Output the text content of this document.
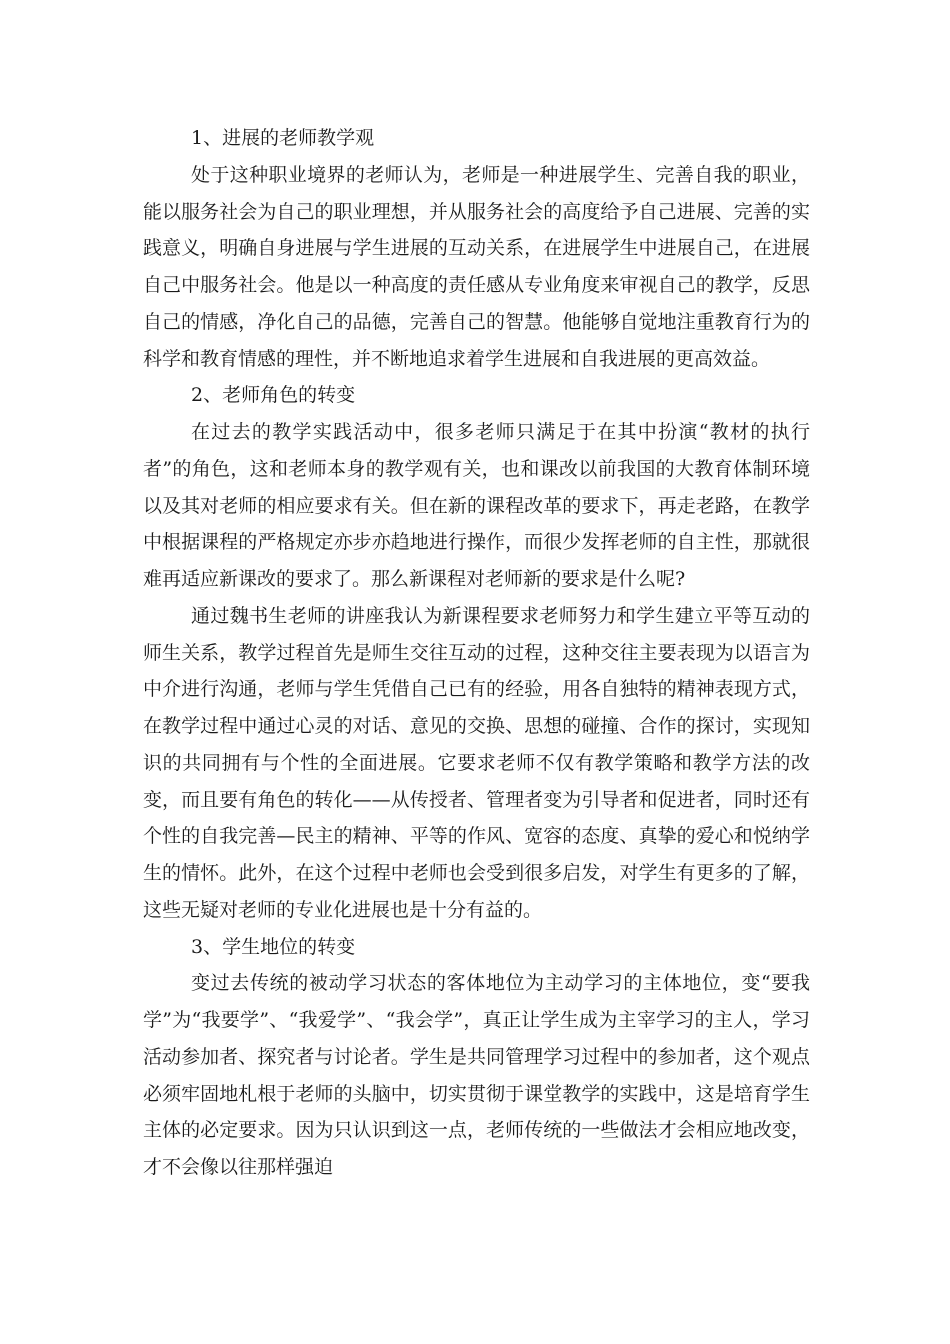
1、进展的老师教学观

处于这种职业境界的老师认为，老师是一种进展学生、完善自我的职业，能以服务社会为自己的职业理想，并从服务社会的高度给予自己进展、完善的实践意义，明确自身进展与学生进展的互动关系，在进展学生中进展自己，在进展自己中服务社会。他是以一种高度的责任感从专业角度来审视自己的教学，反思自己的情感，净化自己的品德，完善自己的智慧。他能够自觉地注重教育行为的科学和教育情感的理性，并不断地追求着学生进展和自我进展的更高效益。

2、老师角色的转变

在过去的教学实践活动中，很多老师只满足于在其中扮演“教材的执行者”的角色，这和老师本身的教学观有关，也和课改以前我国的大教育体制环境以及其对老师的相应要求有关。但在新的课程改革的要求下，再走老路，在教学中根据课程的严格规定亦步亦趋地进行操作，而很少发挥老师的自主性，那就很难再适应新课改的要求了。那么新课程对老师新的要求是什么呢?

通过魏书生老师的讲座我认为新课程要求老师努力和学生建立平等互动的师生关系，教学过程首先是师生交往互动的过程，这种交往主要表现为以语言为中介进行沟通，老师与学生凭借自己已有的经验，用各自独特的精神表现方式，在教学过程中通过心灵的对话、意见的交换、思想的碰撞、合作的探讨，实现知识的共同拥有与个性的全面进展。它要求老师不仅有教学策略和教学方法的改变，而且要有角色的转化——从传授者、管理者变为引导者和促进者，同时还有个性的自我完善—民主的精神、平等的作风、宽容的态度、真挚的爱心和悦纳学生的情怀。此外，在这个过程中老师也会受到很多启发，对学生有更多的了解，这些无疑对老师的专业化进展也是十分有益的。

3、学生地位的转变

变过去传统的被动学习状态的客体地位为主动学习的主体地位，变“要我学”为“我要学”、“我爱学”、“我会学”，真正让学生成为主宰学习的主人，学习活动参加者、探究者与讨论者。学生是共同管理学习过程中的参加者，这个观点必须牢固地札根于老师的头脑中，切实贯彻于课堂教学的实践中，这是培育学生主体的必定要求。因为只认识到这一点，老师传统的一些做法才会相应地改变，才不会像以往那样强迫
